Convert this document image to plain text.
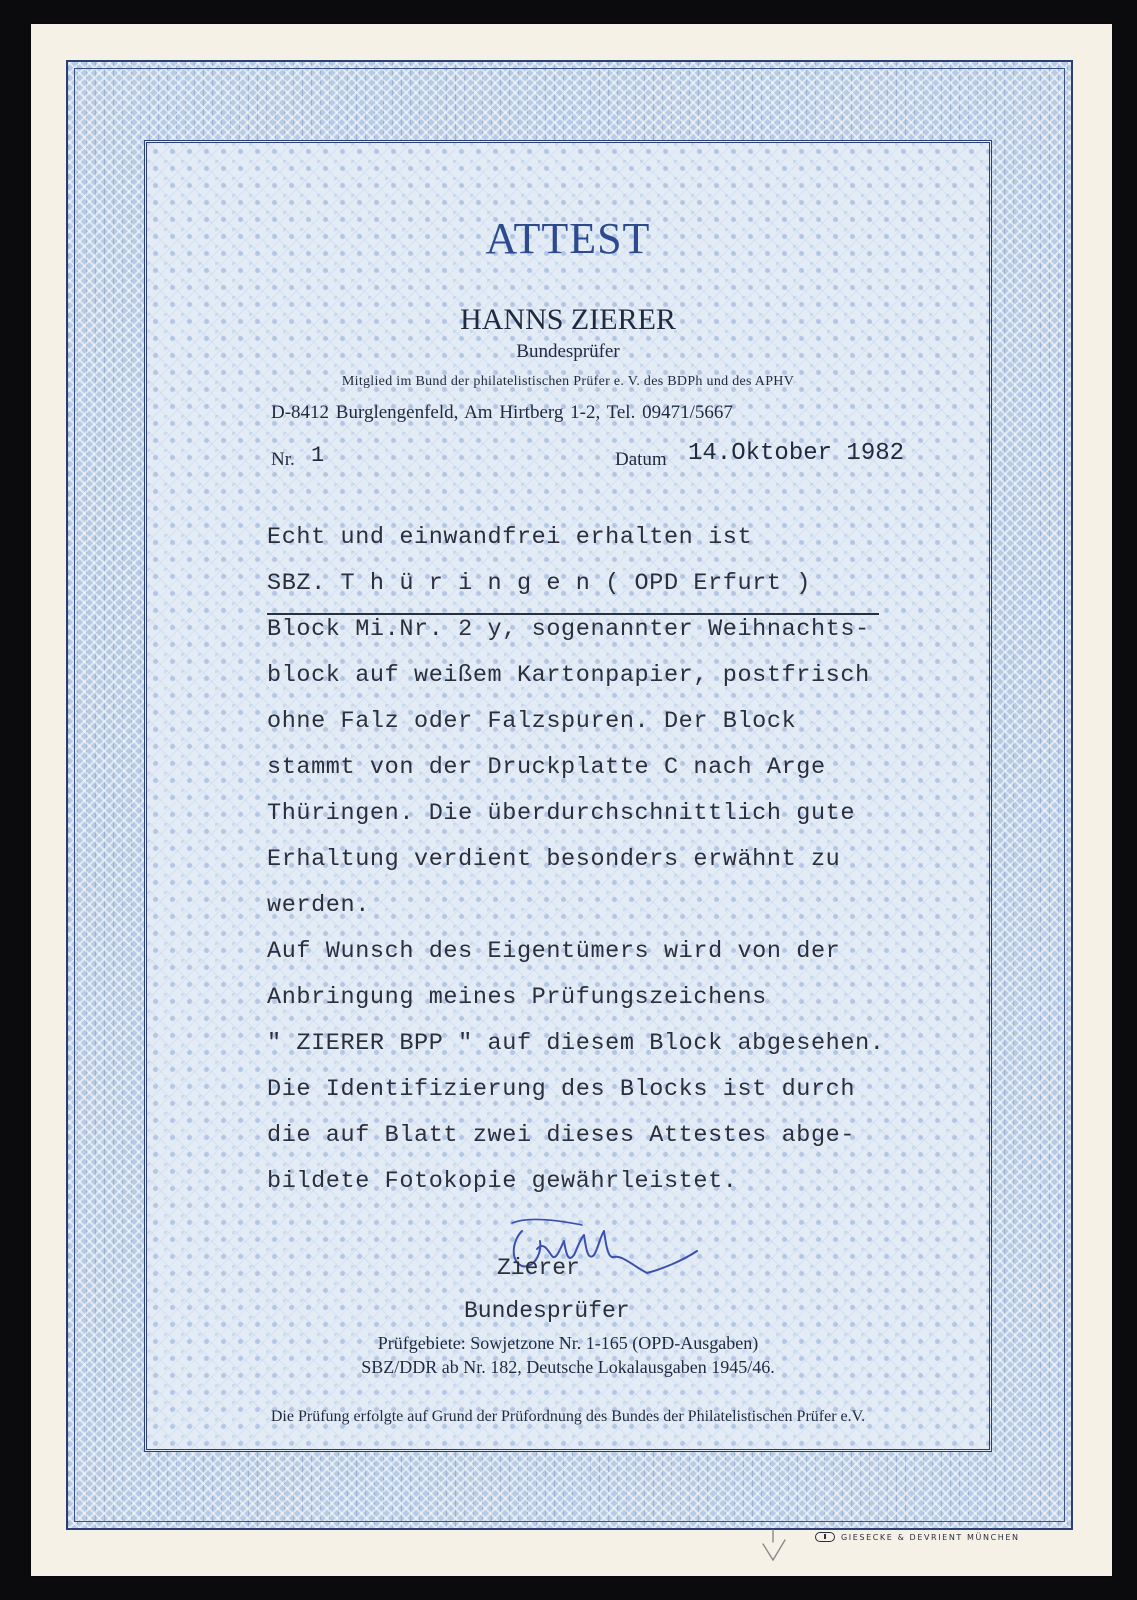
ATTEST
HANNS ZIERER
Bundesprüfer
Mitglied im Bund der philatelistischen Prüfer e. V. des BDPh und des APHV
D-8412 Burglengenfeld, Am Hirtberg 1-2, Tel. 09471/5667
Nr. 1	Datum 14.Oktober 1982
Echt und einwandfrei erhalten ist
SBZ. T h ü r i n g e n ( OPD Erfurt )
Block Mi.Nr. 2 y, sogenannter Weihnachts-
block auf weißem Kartonpapier, postfrisch
ohne Falz oder Falzspuren. Der Block
stammt von der Druckplatte C nach Arge
Thüringen. Die überdurchschnittlich gute
Erhaltung verdient besonders erwähnt zu
werden.
Auf Wunsch des Eigentümers wird von der
Anbringung meines Prüfungszeichens
" ZIERER BPP " auf diesem Block abgesehen.
Die Identifizierung des Blocks ist durch
die auf Blatt zwei dieses Attestes abge-
bildete Fotokopie gewährleistet.
Zierer
Bundesprüfer
Prüfgebiete: Sowjetzone Nr. 1-165 (OPD-Ausgaben)
SBZ/DDR ab Nr. 182, Deutsche Lokalausgaben 1945/46.
Die Prüfung erfolgte auf Grund der Prüfordnung des Bundes der Philatelistischen Prüfer e.V.
GIESECKE & DEVRIENT MÜNCHEN
